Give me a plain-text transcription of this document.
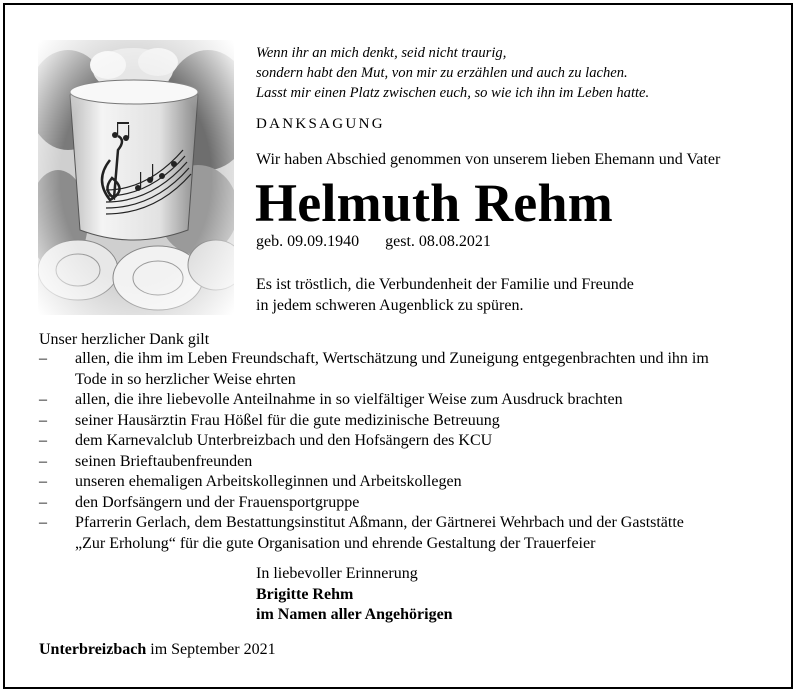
Wenn ihr an mich denkt, seid nicht traurig,
sondern habt den Mut, von mir zu erzählen und auch zu lachen.
Lasst mir einen Platz zwischen euch, so wie ich ihn im Leben hatte.
DANKSAGUNG
Wir haben Abschied genommen von unserem lieben Ehemann und Vater
Helmuth Rehm
geb. 09.09.1940 gest. 08.08.2021
Es ist tröstlich, die Verbundenheit der Familie und Freunde
in jedem schweren Augenblick zu spüren.
Unser herzlicher Dank gilt
–	allen, die ihm im Leben Freundschaft, Wertschätzung und Zuneigung entgegenbrachten und ihn im
Tode in so herzlicher Weise ehrten
–	allen, die ihre liebevolle Anteilnahme in so vielfältiger Weise zum Ausdruck brachten
–	seiner Hausärztin Frau Hößel für die gute medizinische Betreuung
–	dem Karnevalclub Unterbreizbach und den Hofsängern des KCU
–	seinen Brieftaubenfreunden
–	unseren ehemaligen Arbeitskolleginnen und Arbeitskollegen
–	den Dorfsängern und der Frauensportgruppe
–	Pfarrerin Gerlach, dem Bestattungsinstitut Aßmann, der Gärtnerei Wehrbach und der Gaststätte
„Zur Erholung“ für die gute Organisation und ehrende Gestaltung der Trauerfeier
In liebevoller Erinnerung
Brigitte Rehm
im Namen aller Angehörigen
Unterbreizbach im September 2021
